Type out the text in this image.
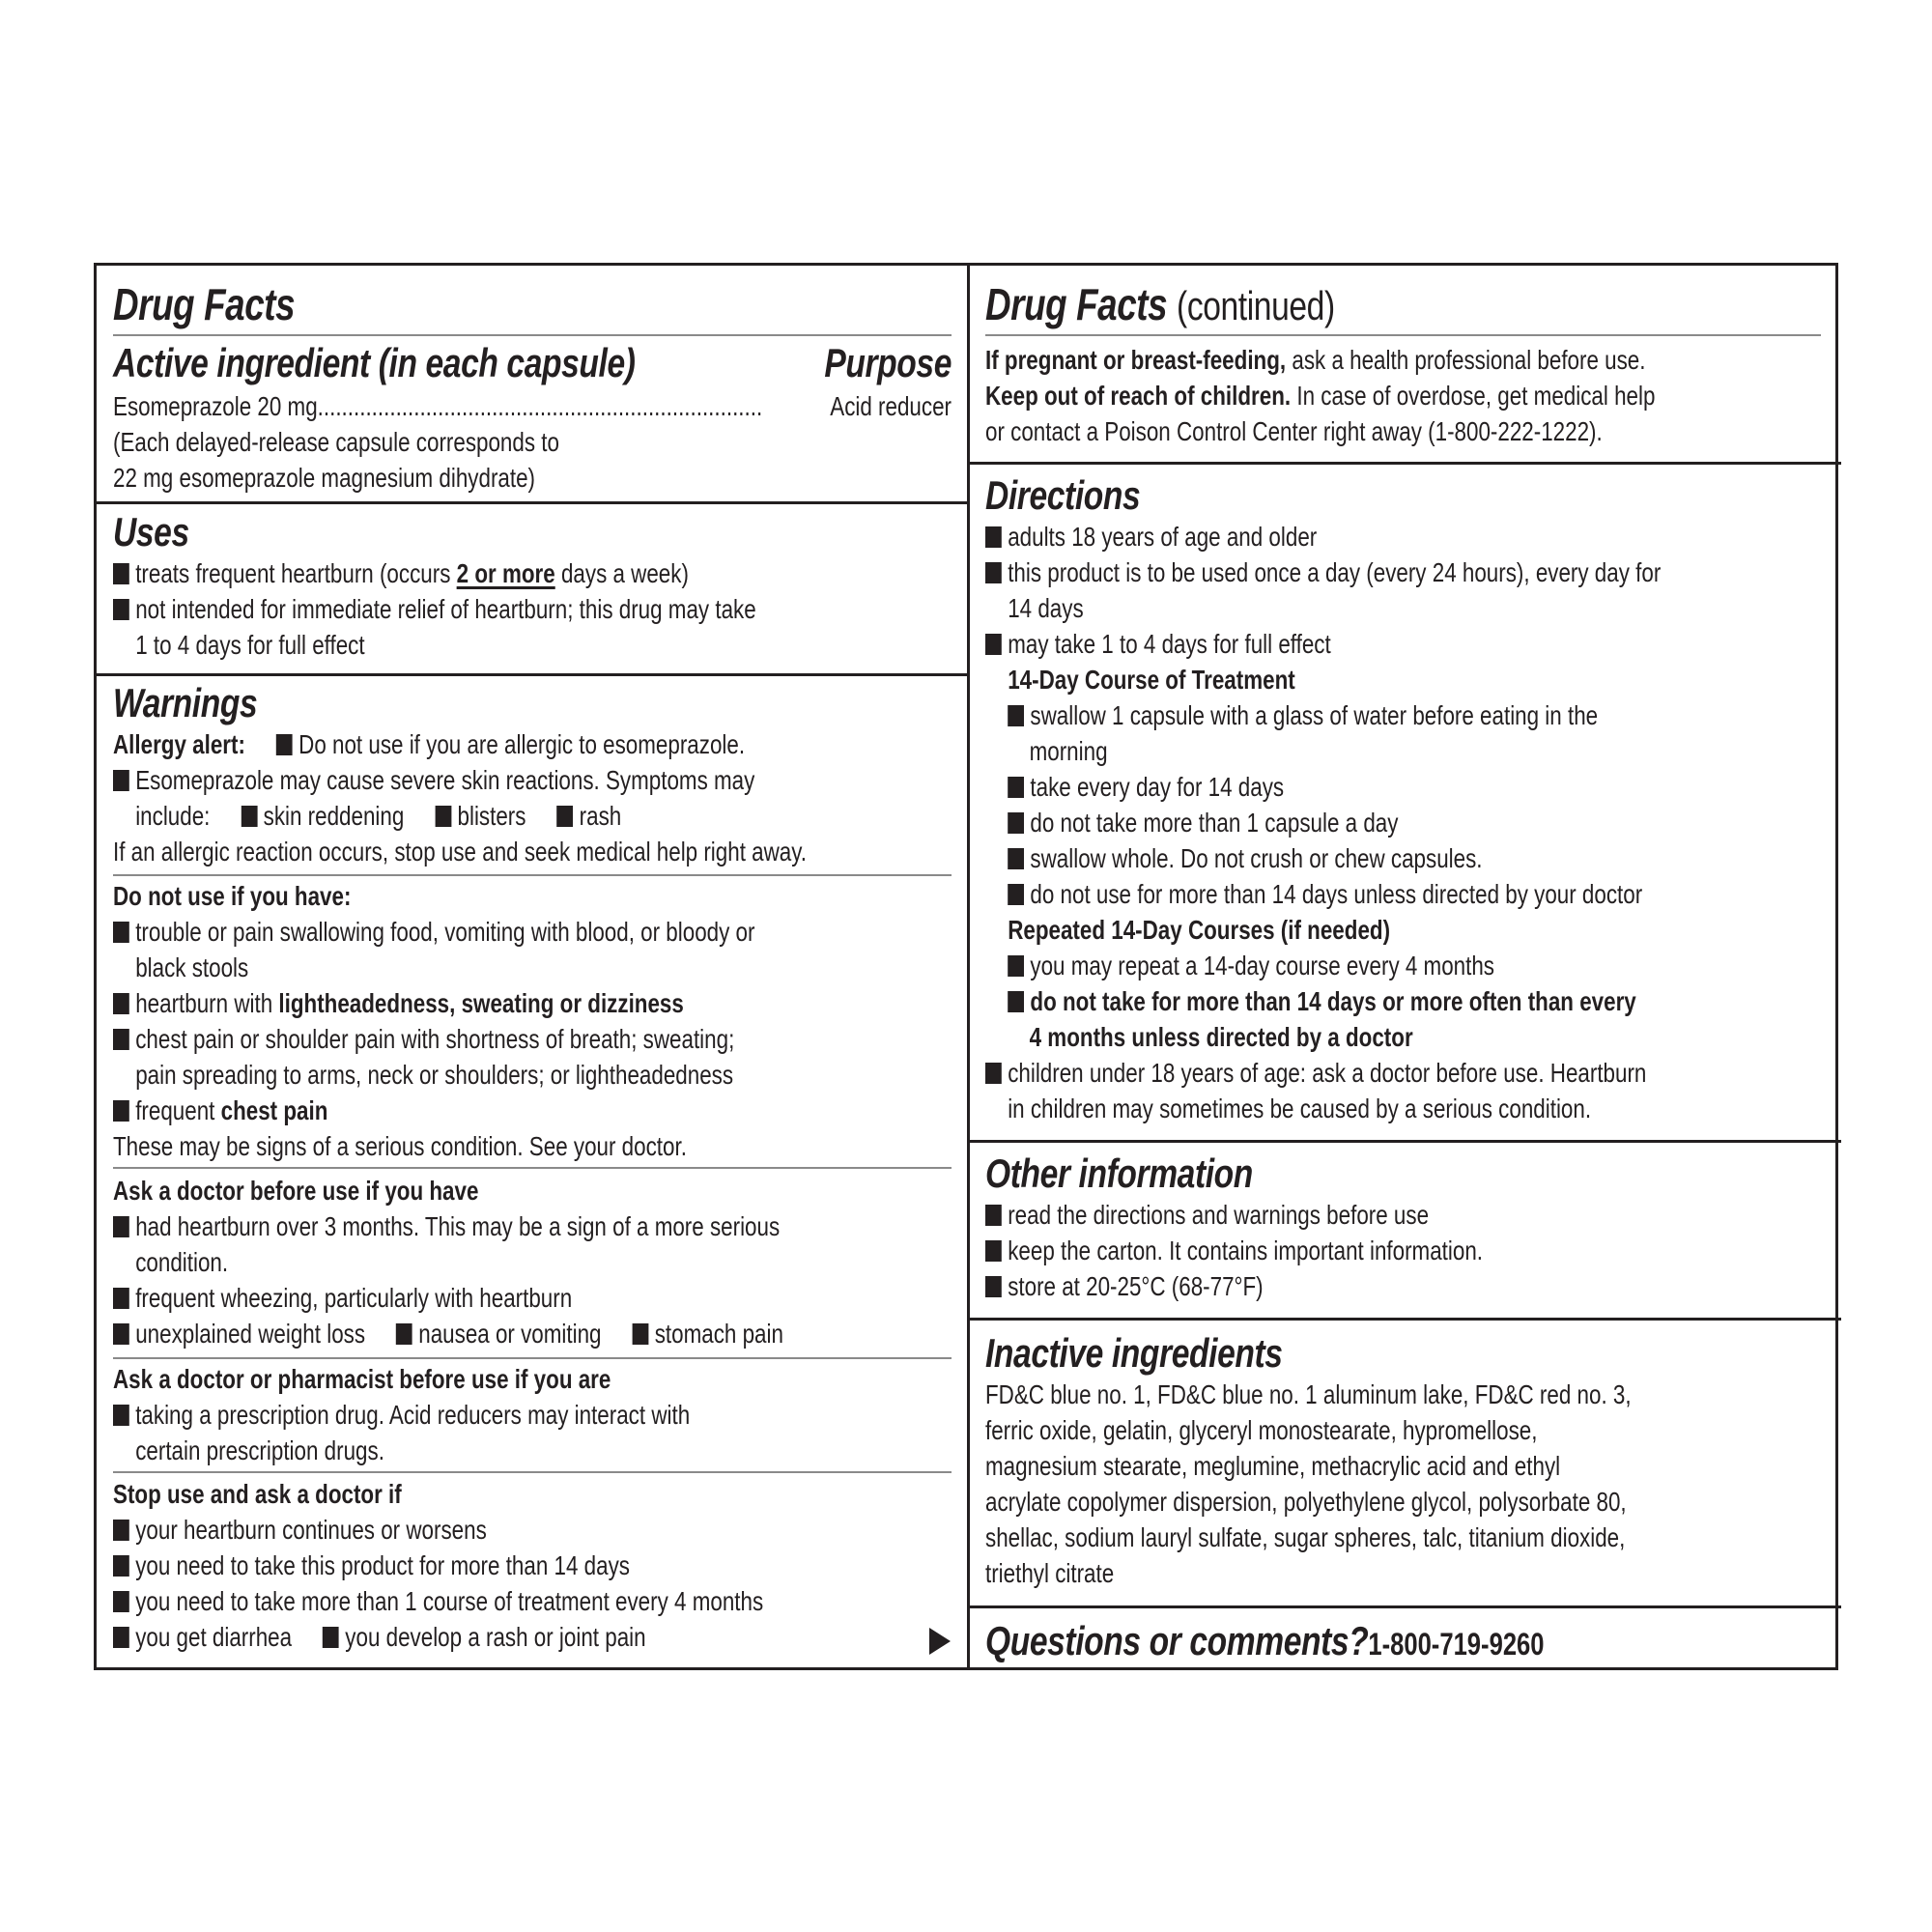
Drug Facts
Active ingredient (in each capsule)	Purpose
Esomeprazole 20 mg ..........................................................................	Acid reducer
(Each delayed-release capsule corresponds to
22 mg esomeprazole magnesium dihydrate)
Uses
treats frequent heartburn (occurs 2 or more days a week)
not intended for immediate relief of heartburn; this drug may take
1 to 4 days for full effect
Warnings
Allergy alert: Do not use if you are allergic to esomeprazole.
Esomeprazole may cause severe skin reactions. Symptoms may
include: skin reddening blisters rash
If an allergic reaction occurs, stop use and seek medical help right away.
Do not use if you have:
trouble or pain swallowing food, vomiting with blood, or bloody or
black stools
heartburn with lightheadedness, sweating or dizziness
chest pain or shoulder pain with shortness of breath; sweating;
pain spreading to arms, neck or shoulders; or lightheadedness
frequent chest pain
These may be signs of a serious condition. See your doctor.
Ask a doctor before use if you have
had heartburn over 3 months. This may be a sign of a more serious
condition.
frequent wheezing, particularly with heartburn
unexplained weight loss nausea or vomiting stomach pain
Ask a doctor or pharmacist before use if you are
taking a prescription drug. Acid reducers may interact with
certain prescription drugs.
Stop use and ask a doctor if
your heartburn continues or worsens
you need to take this product for more than 14 days
you need to take more than 1 course of treatment every 4 months
you get diarrhea you develop a rash or joint pain
Drug Facts (continued)
If pregnant or breast-feeding, ask a health professional before use.
Keep out of reach of children. In case of overdose, get medical help
or contact a Poison Control Center right away (1-800-222-1222).
Directions
adults 18 years of age and older
this product is to be used once a day (every 24 hours), every day for
14 days
may take 1 to 4 days for full effect
14-Day Course of Treatment
swallow 1 capsule with a glass of water before eating in the
morning
take every day for 14 days
do not take more than 1 capsule a day
swallow whole. Do not crush or chew capsules.
do not use for more than 14 days unless directed by your doctor
Repeated 14-Day Courses (if needed)
you may repeat a 14-day course every 4 months
do not take for more than 14 days or more often than every
4 months unless directed by a doctor
children under 18 years of age: ask a doctor before use. Heartburn
in children may sometimes be caused by a serious condition.
Other information
read the directions and warnings before use
keep the carton. It contains important information.
store at 20-25°C (68-77°F)
Inactive ingredients
FD&C blue no. 1, FD&C blue no. 1 aluminum lake, FD&C red no. 3,
ferric oxide, gelatin, glyceryl monostearate, hypromellose,
magnesium stearate, meglumine, methacrylic acid and ethyl
acrylate copolymer dispersion, polyethylene glycol, polysorbate 80,
shellac, sodium lauryl sulfate, sugar spheres, talc, titanium dioxide,
triethyl citrate
Questions or comments?1-800-719-9260
